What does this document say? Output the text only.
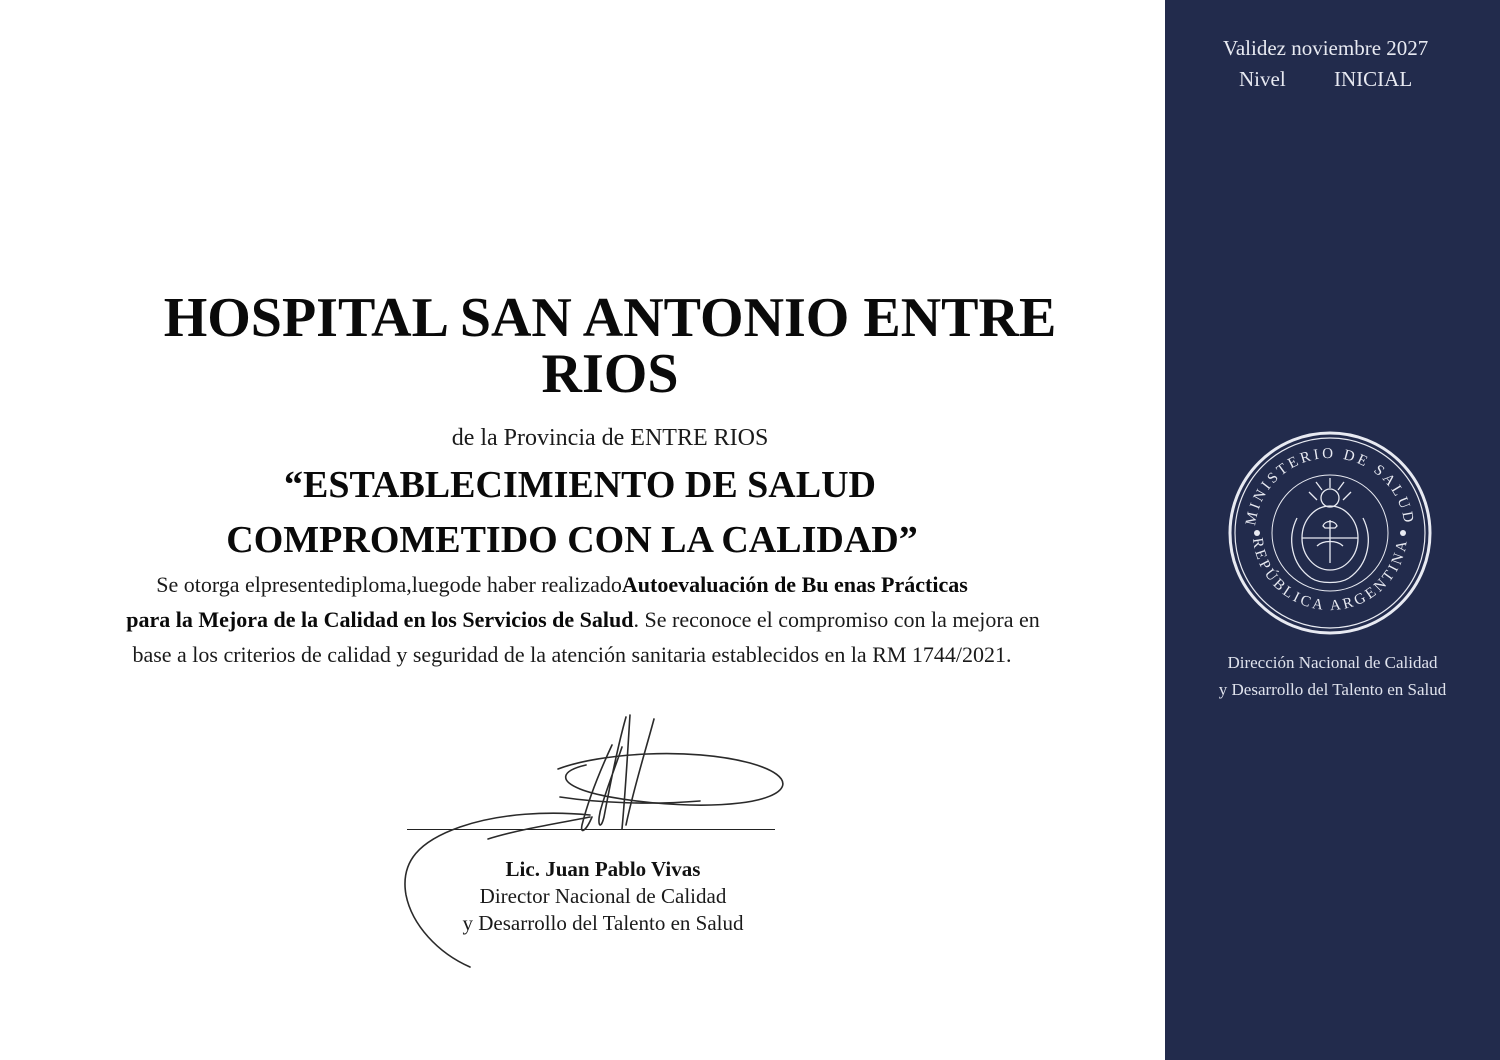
HOSPITAL SAN ANTONIO ENTRE
RIOS
de la Provincia de ENTRE RIOS
“ESTABLECIMIENTO DE SALUD
COMPROMETIDO CON LA CALIDAD”
Se otorga elpresentediploma,luegode haber realizadoAutoevaluación de Bu enas Prácticas
para la Mejora de la Calidad en los Servicios de Salud. Se reconoce el compromiso con la mejora en
base a los criterios de calidad y seguridad de la atención sanitaria establecidos en la RM 1744/2021.
Lic. Juan Pablo Vivas
Director Nacional de Calidad
y Desarrollo del Talento en Salud
Validez noviembre 2027
Nivel INICIAL
MINISTERIO DE SALUD
REPÚBLICA ARGENTINA
Dirección Nacional de Calidad
y Desarrollo del Talento en Salud
